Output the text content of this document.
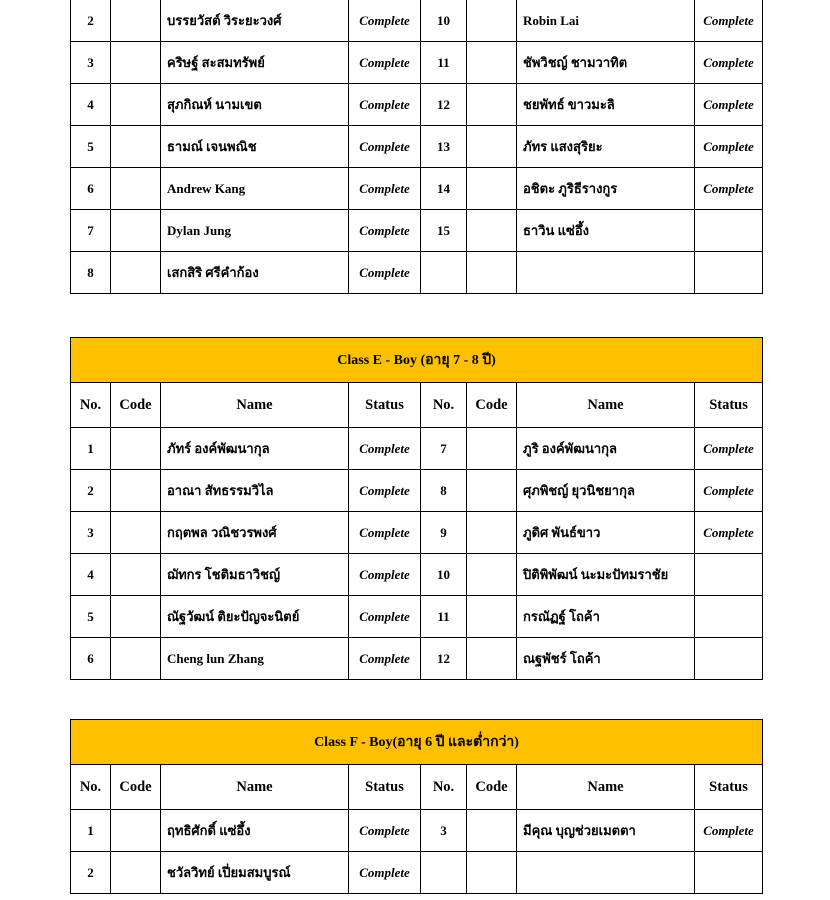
2		บรรยวัสต์ วิระยะวงศ์	Complete	10		Robin Lai	Complete
3		คริษฐ์ สะสมทรัพย์	Complete	11		ชัพวิชญ์ ชามวาทิต	Complete
4		สุภกิณห์ นามเขต	Complete	12		ชยพัทธ์ ขาวมะลิ	Complete
5		ธามณ์ เจนพณิช	Complete	13		ภัทร แสงสุริยะ	Complete
6		Andrew Kang	Complete	14		อชิตะ ภูริธีรางกูร	Complete
7		Dylan Jung	Complete	15		ธาวิน แซ่อึ้ง	
8		เสกสิริ ศรีคำก้อง	Complete				
Class E - Boy (อายุ 7 - 8 ปี)							
No.	Code	Name	Status	No.	Code	Name	Status
1		ภัทร์ องค์พัฒนากุล	Complete	7		ภูริ องค์พัฒนากุล	Complete
2		อาณา สัทธรรมวิไล	Complete	8		ศุภพิชญ์ ยุวนิชยากุล	Complete
3		กฤตพล วณิชวรพงศ์	Complete	9		ภูดิศ พันธ์ขาว	Complete
4		ฌัทกร โชติมธาวิชญ์	Complete	10		ปิติพิพัฒน์ นะมะปัทมราชัย	
5		ณัฐวัฒน์ ติยะปัญจะนิตย์	Complete	11		กรณัฏฐ์ โถค้า	
6		Cheng lun Zhang	Complete	12		ณฐพัชร์ โถค้า	
Class F - Boy(อายุ 6 ปี และต่ำกว่า)							
No.	Code	Name	Status	No.	Code	Name	Status
1		ฤทธิศักดิ์ แซ่อึ้ง	Complete	3		มีคุณ บุญช่วยเมตตา	Complete
2		ชวัลวิทย์ เปี่ยมสมบูรณ์	Complete				
